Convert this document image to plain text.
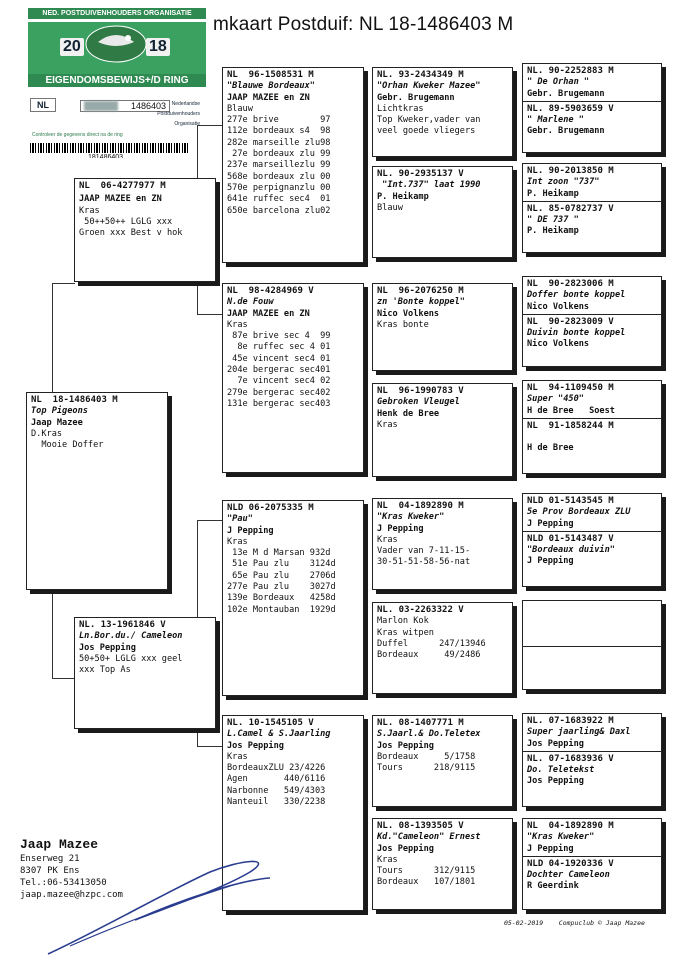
mkaart Postduif: NL 18-1486403 M
NED. POSTDUIVENHOUDERS ORGANISATIE
20	18
EIGENDOMSBEWIJS+/D RING
NL	1486403	Nederlandse
Postduivenhouders
Organisatie
Controleer de gegevens direct na de ring
181486403
NL  18-1486403 M
Top Pigeons
Jaap Mazee
D.Kras
Mooie Doffer
NL  06-4277977 M
JAAP MAZEE en ZN
Kras
50++50++ LGLG xxx
Groen xxx Best v hok
NL. 13-1961846 V
Ln.Bor.du./ Cameleon
Jos Pepping
50+50+ LGLG xxx geel
xxx Top As
NL  96-1508531 M
"Blauwe Bordeaux"
JAAP MAZEE en ZN
Blauw
277e brive        97
112e bordeaux s4  98
282e marseille zlu98
27e bordeaux zlu 99
237e marseillezlu 99
568e bordeaux zlu 00
570e perpignanzlu 00
641e ruffec sec4  01
650e barcelona zlu02
NL  98-4284969 V
N.de Fouw
JAAP MAZEE en ZN
Kras
87e brive sec 4  99
8e ruffec sec 4 01
45e vincent sec4 01
204e bergerac sec401
7e vincent sec4 02
279e bergerac sec402
131e bergerac sec403
NLD 06-2075335 M
"Pau"
J Pepping
Kras
13e M d Marsan 932d
51e Pau zlu    3124d
65e Pau zlu    2706d
277e Pau zlu    3027d
139e Bordeaux   4258d
102e Montauban  1929d
NL. 10-1545105 V
L.Camel & S.Jaarling
Jos Pepping
Kras
BordeauxZLU 23/4226
Agen       440/6116
Narbonne   549/4303
Nanteuil   330/2238
NL. 93-2434349 M
"Orhan Kweker Mazee"
Gebr. Brugemann
Lichtkras
Top Kweker,vader van
veel goede vliegers
NL. 90-2935137 V
"Int.737" laat 1990
P. Heikamp
Blauw
NL  96-2076250 M
zn 'Bonte koppel"
Nico Volkens
Kras bonte
NL  96-1990783 V
Gebroken Vleugel
Henk de Bree
Kras
NL  04-1892890 M
"Kras Kweker"
J Pepping
Kras
Vader van 7-11-15-
30-51-51-58-56-nat
NL. 03-2263322 V
Marlon Kok
Kras witpen
Duffel      247/13946
Bordeaux     49/2486
NL. 08-1407771 M
S.Jaarl.& Do.Teletex
Jos Pepping
Bordeaux     5/1758
Tours      218/9115
NL. 08-1393505 V
Kd."Cameleon" Ernest
Jos Pepping
Kras
Tours      312/9115
Bordeaux   107/1801
NL. 90-2252883 M
" De Orhan "
Gebr. Brugemann
NL. 89-5903659 V
" Marlene "
Gebr. Brugemann
NL. 90-2013850 M
Int zoon "737"
P. Heikamp
NL. 85-0782737 V
" DE 737 "
P. Heikamp
NL  90-2823006 M
Doffer bonte koppel
Nico Volkens
NL  90-2823009 V
Duivin bonte koppel
Nico Volkens
NL  94-1109450 M
Super "450"
H de Bree   Soest
NL  91-1858244 M

H de Bree
NLD 01-5143545 M
5e Prov Bordeaux ZLU
J Pepping
NLD 01-5143487 V
"Bordeaux duivin"
J Pepping
NL. 07-1683922 M
Super jaarling& Daxl
Jos Pepping
NL. 07-1683936 V
Do. Teletekst
Jos Pepping
NL  04-1892890 M
"Kras Kweker"
J Pepping
NLD 04-1920336 V
Dochter Cameleon
R Geerdink
Jaap Mazee
Enserweg 21
8307 PK Ens
Tel.:06-53413050
jaap.mazee@hzpc.com
05-02-2019 Compuclub © Jaap Mazee
